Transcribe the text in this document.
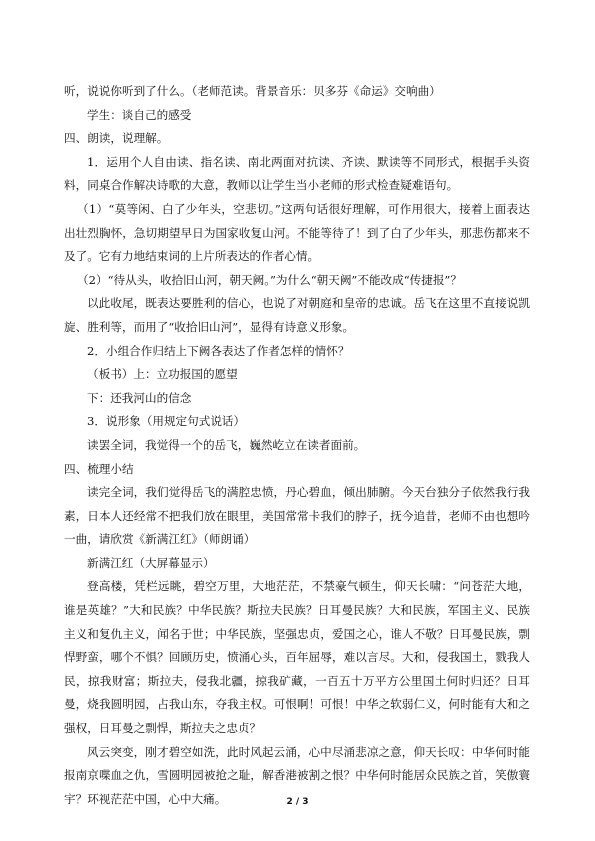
听，说说你听到了什么。（老师范读。背景音乐：贝多芬《命运》交响曲）

学生：谈自己的感受

四、朗读，说理解。

1．运用个人自由读、指名读、南北两面对抗读、齐读、默读等不同形式，根据手头资料，同桌合作解决诗歌的大意，教师以让学生当小老师的形式检查疑难语句。

（1）“莫等闲、白了少年头，空悲切。”这两句话很好理解，可作用很大，接着上面表达出壮烈胸怀，急切期望早日为国家收复山河。不能等待了！到了白了少年头，那悲伤都来不及了。它有力地结束词的上片所表达的作者心情。

（2）“待从头，收拾旧山河，朝天阙。”为什么“朝天阙”不能改成“传捷报”？

以此收尾，既表达要胜利的信心，也说了对朝庭和皇帝的忠诚。岳飞在这里不直接说凯旋、胜利等，而用了“收拾旧山河”，显得有诗意义形象。

2．小组合作归结上下阙各表达了作者怎样的情怀？

（板书）上：立功报国的愿望

下：还我河山的信念

3．说形象（用规定句式说话）

读罢全词，我觉得一个的岳飞，巍然屹立在读者面前。

四、梳理小结

读完全词，我们觉得岳飞的满腔忠愤，丹心碧血，倾出肺腑。今天台独分子依然我行我素，日本人还经常不把我们放在眼里，美国常常卡我们的脖子，抚今追昔，老师不由也想吟一曲，请欣赏《新满江红》（师朗诵）

新满江红（大屏幕显示）

登高楼，凭栏远眺，碧空万里，大地茫茫，不禁豪气顿生，仰天长啸：“问苍茫大地，谁是英雄？”大和民族？中华民族？斯拉夫民族？日耳曼民族？大和民族，军国主义、民族主义和复仇主义，闻名于世；中华民族，坚强忠贞，爱国之心，谁人不敬？日耳曼民族，剽悍野蛮，哪个不惧？回顾历史，愤涌心头，百年屈辱，难以言尽。大和，侵我国土，戮我人民，掠我财富；斯拉夫，侵我北疆，掠我矿藏，一百五十万平方公里国土何时归还？日耳曼，烧我圆明园，占我山东，夺我主权。可恨啊！可恨！中华之软弱仁义，何时能有大和之强权，日耳曼之剽悍，斯拉夫之忠贞？

风云突变，刚才碧空如洗，此时风起云涌，心中尽涌悲凉之意，仰天长叹：中华何时能报南京喋血之仇，雪圆明园被抢之耻，解香港被割之恨？中华何时能居众民族之首，笑傲寰宇？环视茫茫中国，心中大痛。	2 / 3
